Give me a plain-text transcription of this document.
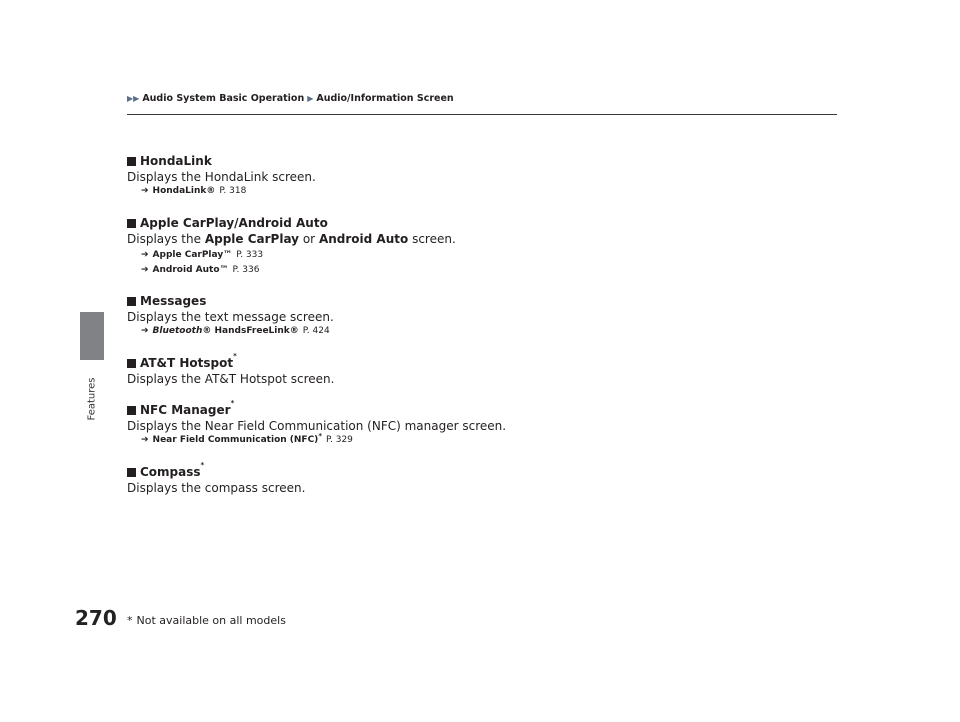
▶▶ Audio System Basic Operation ▶ Audio/Information Screen
Features
HondaLink
Displays the HondaLink screen.
➔ HondaLink® P. 318
Apple CarPlay/Android Auto
Displays the Apple CarPlay or Android Auto screen.
➔ Apple CarPlay™ P. 333
➔ Android Auto™ P. 336
Messages
Displays the text message screen.
➔ Bluetooth® HandsFreeLink® P. 424
AT&T Hotspot *
Displays the AT&T Hotspot screen.
NFC Manager *
Displays the Near Field Communication (NFC) manager screen.
➔ Near Field Communication (NFC)* P. 329
Compass *
Displays the compass screen.
270 * Not available on all models
